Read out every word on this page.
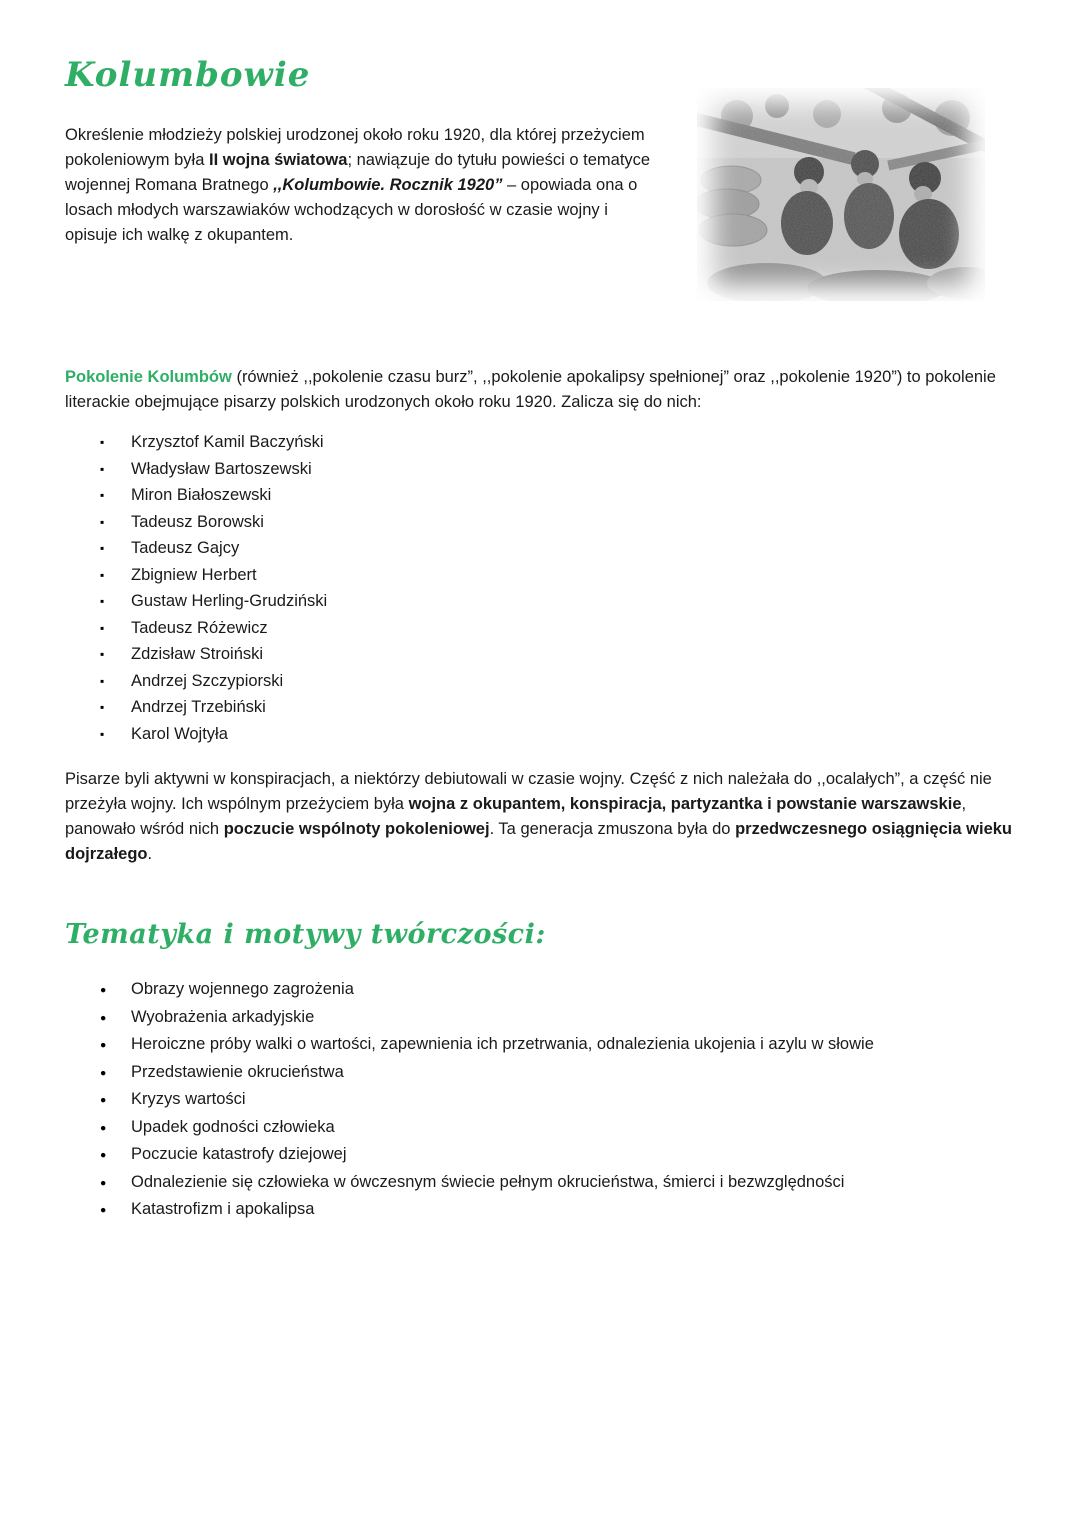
Kolumbowie

Określenie młodzieży polskiej urodzonej około roku 1920, dla której przeżyciem pokoleniowym była II wojna światowa; nawiązuje do tytułu powieści o tematyce wojennej Romana Bratnego ,,Kolumbowie. Rocznik 1920” – opowiada ona o losach młodych warszawiaków wchodzących w dorosłość w czasie wojny i opisuje ich walkę z okupantem.

Pokolenie Kolumbów (również ,,pokolenie czasu burz”, ,,pokolenie apokalipsy spełnionej” oraz ,,pokolenie 1920”) to pokolenie literackie obejmujące pisarzy polskich urodzonych około roku 1920. Zalicza się do nich:

▪ Krzysztof Kamil Baczyński
▪ Władysław Bartoszewski
▪ Miron Białoszewski
▪ Tadeusz Borowski
▪ Tadeusz Gajcy
▪ Zbigniew Herbert
▪ Gustaw Herling-Grudziński
▪ Tadeusz Różewicz
▪ Zdzisław Stroiński
▪ Andrzej Szczypiorski
▪ Andrzej Trzebiński
▪ Karol Wojtyła

Pisarze byli aktywni w konspiracjach, a niektórzy debiutowali w czasie wojny. Część z nich należała do ,,ocalałych”, a część nie przeżyła wojny. Ich wspólnym przeżyciem była wojna z okupantem, konspiracja, partyzantka i powstanie warszawskie, panowało wśród nich poczucie wspólnoty pokoleniowej. Ta generacja zmuszona była do przedwczesnego osiągnięcia wieku dojrzałego.

Tematyka i motywy twórczości:
● Obrazy wojennego zagrożenia
● Wyobrażenia arkadyjskie
● Heroiczne próby walki o wartości, zapewnienia ich przetrwania, odnalezienia ukojenia i azylu w słowie
● Przedstawienie okrucieństwa
● Kryzys wartości
● Upadek godności człowieka
● Poczucie katastrofy dziejowej
● Odnalezienie się człowieka w ówczesnym świecie pełnym okrucieństwa, śmierci i bezwzględności
● Katastrofizm i apokalipsa
